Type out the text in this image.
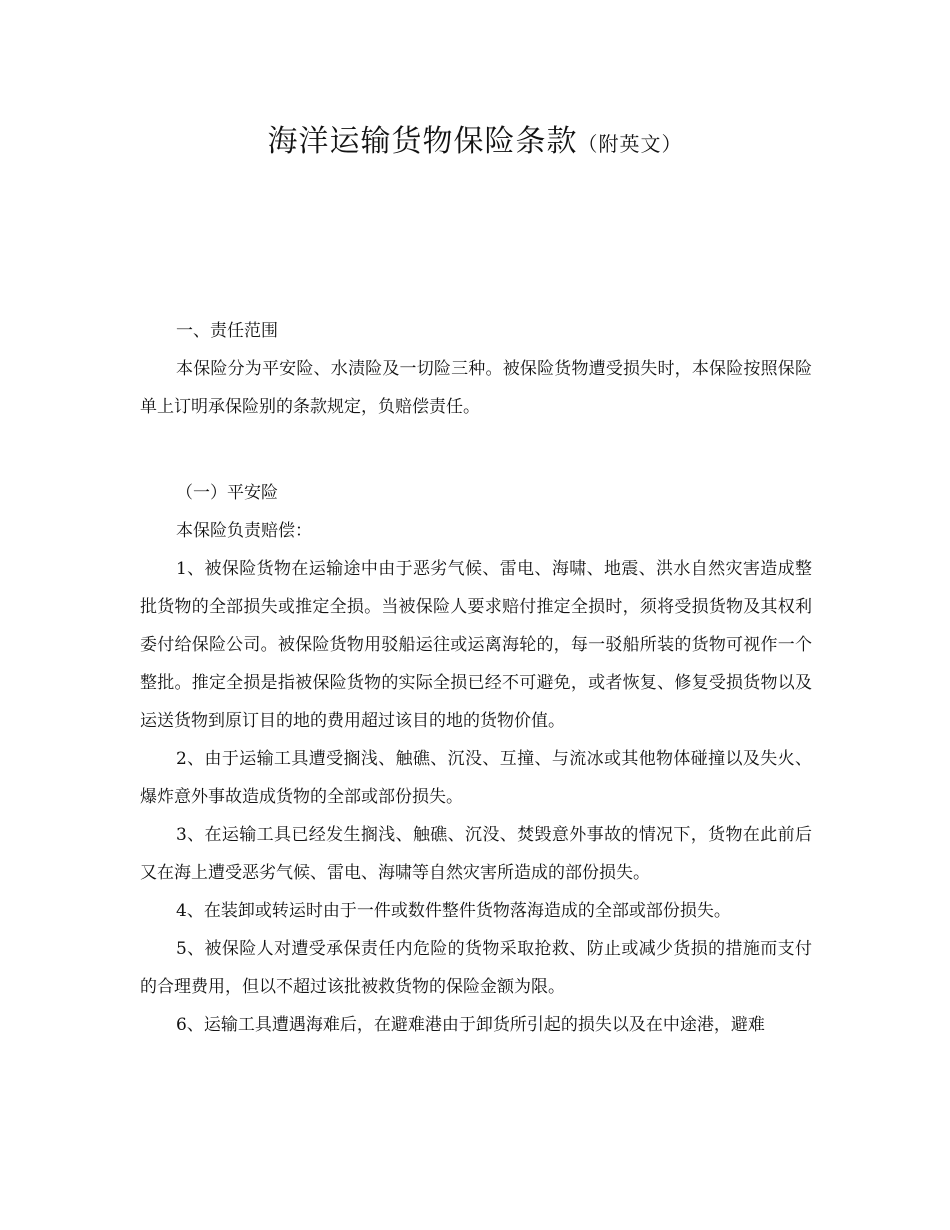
海洋运输货物保险条款（附英文）

一、责任范围

本保险分为平安险、水渍险及一切险三种。被保险货物遭受损失时，本保险按照保险单上订明承保险别的条款规定，负赔偿责任。

（一）平安险

本保险负责赔偿：

1、被保险货物在运输途中由于恶劣气候、雷电、海啸、地震、洪水自然灾害造成整批货物的全部损失或推定全损。当被保险人要求赔付推定全损时，须将受损货物及其权利委付给保险公司。被保险货物用驳船运往或运离海轮的，每一驳船所装的货物可视作一个整批。推定全损是指被保险货物的实际全损已经不可避免，或者恢复、修复受损货物以及运送货物到原订目的地的费用超过该目的地的货物价值。

2、由于运输工具遭受搁浅、触礁、沉没、互撞、与流冰或其他物体碰撞以及失火、爆炸意外事故造成货物的全部或部份损失。

3、在运输工具已经发生搁浅、触礁、沉没、焚毁意外事故的情况下，货物在此前后又在海上遭受恶劣气候、雷电、海啸等自然灾害所造成的部份损失。

4、在装卸或转运时由于一件或数件整件货物落海造成的全部或部份损失。

5、被保险人对遭受承保责任内危险的货物采取抢救、防止或减少货损的措施而支付的合理费用，但以不超过该批被救货物的保险金额为限。

6、运输工具遭遇海难后，在避难港由于卸货所引起的损失以及在中途港，避难
